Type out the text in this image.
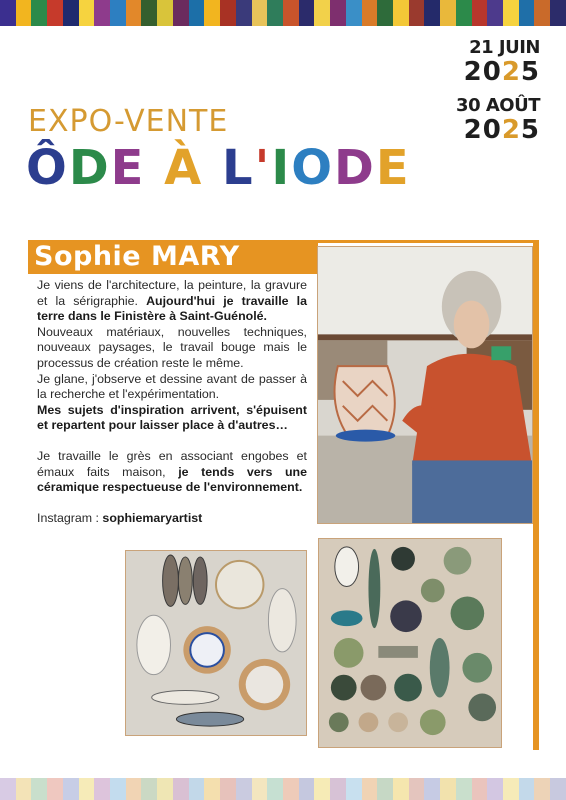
21 JUIN
2025
30 AOÛT
2025
EXPO-VENTE
ÔDE À L'IODE
Sophie MARY

Je viens de l'architecture, la peinture, la gravure et la sérigraphie. Aujourd'hui je travaille la terre dans le Finistère à Saint-Guénolé.

Nouveaux matériaux, nouvelles techniques, nouveaux paysages, le travail bouge mais le processus de création reste le même.

Je glane, j'observe et dessine avant de passer à la recherche et l'expérimentation.

Mes sujets d'inspiration arrivent, s'épuisent et repartent pour laisser place à d'autres…

Je travaille le grès en associant engobes et émaux faits maison, je tends vers une céramique respectueuse de l'environnement.

Instagram : sophiemaryartist
